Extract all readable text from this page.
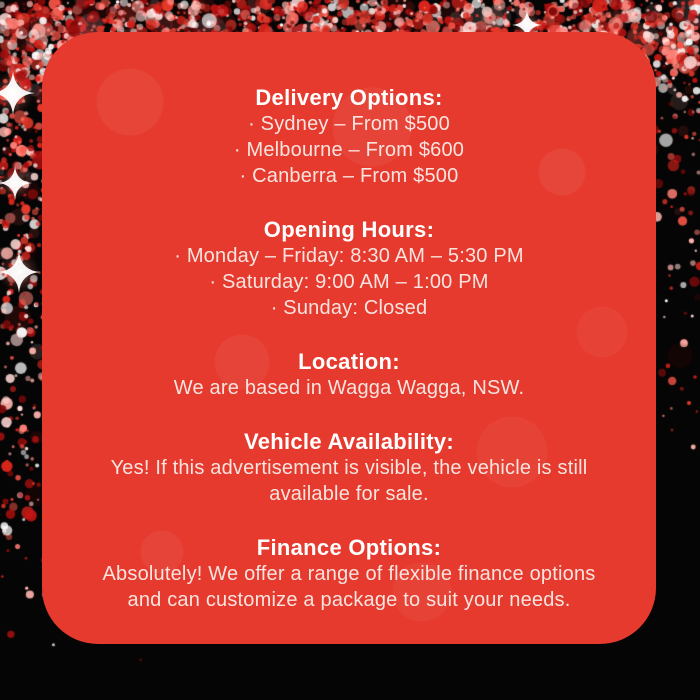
Delivery Options:

· Sydney – From $500

· Melbourne – From $600

· Canberra – From $500

Opening Hours:

· Monday – Friday: 8:30 AM – 5:30 PM

· Saturday: 9:00 AM – 1:00 PM

· Sunday: Closed

Location:

We are based in Wagga Wagga, NSW.

Vehicle Availability:

Yes! If this advertisement is visible, the vehicle is still

available for sale.

Finance Options:

Absolutely! We offer a range of flexible finance options

and can customize a package to suit your needs.
